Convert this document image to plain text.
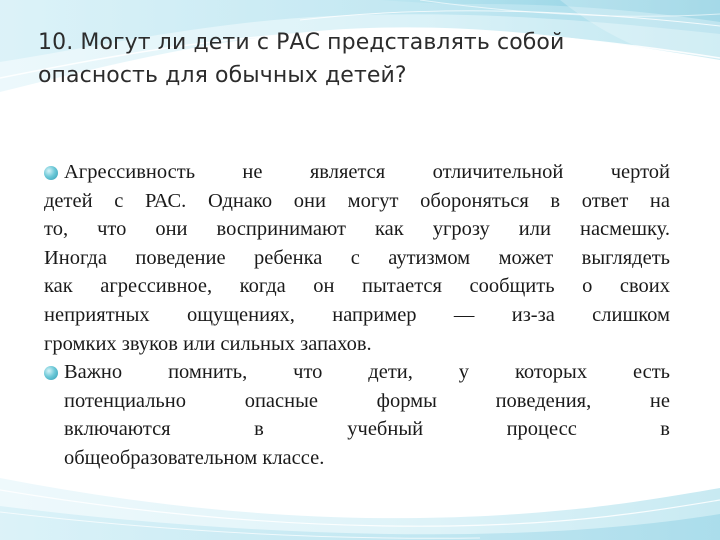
10. Могут ли дети с РАС представлять собой
опасность для обычных детей?
Агрессивность не является отличительной чертой
детей с РАС. Однако они могут обороняться в ответ на
то, что они воспринимают как угрозу или насмешку.
Иногда поведение ребенка с аутизмом может выглядеть
как агрессивное, когда он пытается сообщить о своих
неприятных ощущениях, например — из-за слишком
громких звуков или сильных запахов.
Важно помнить, что дети, у которых есть
потенциально опасные формы поведения, не
включаются в учебный процесс в
общеобразовательном классе.
